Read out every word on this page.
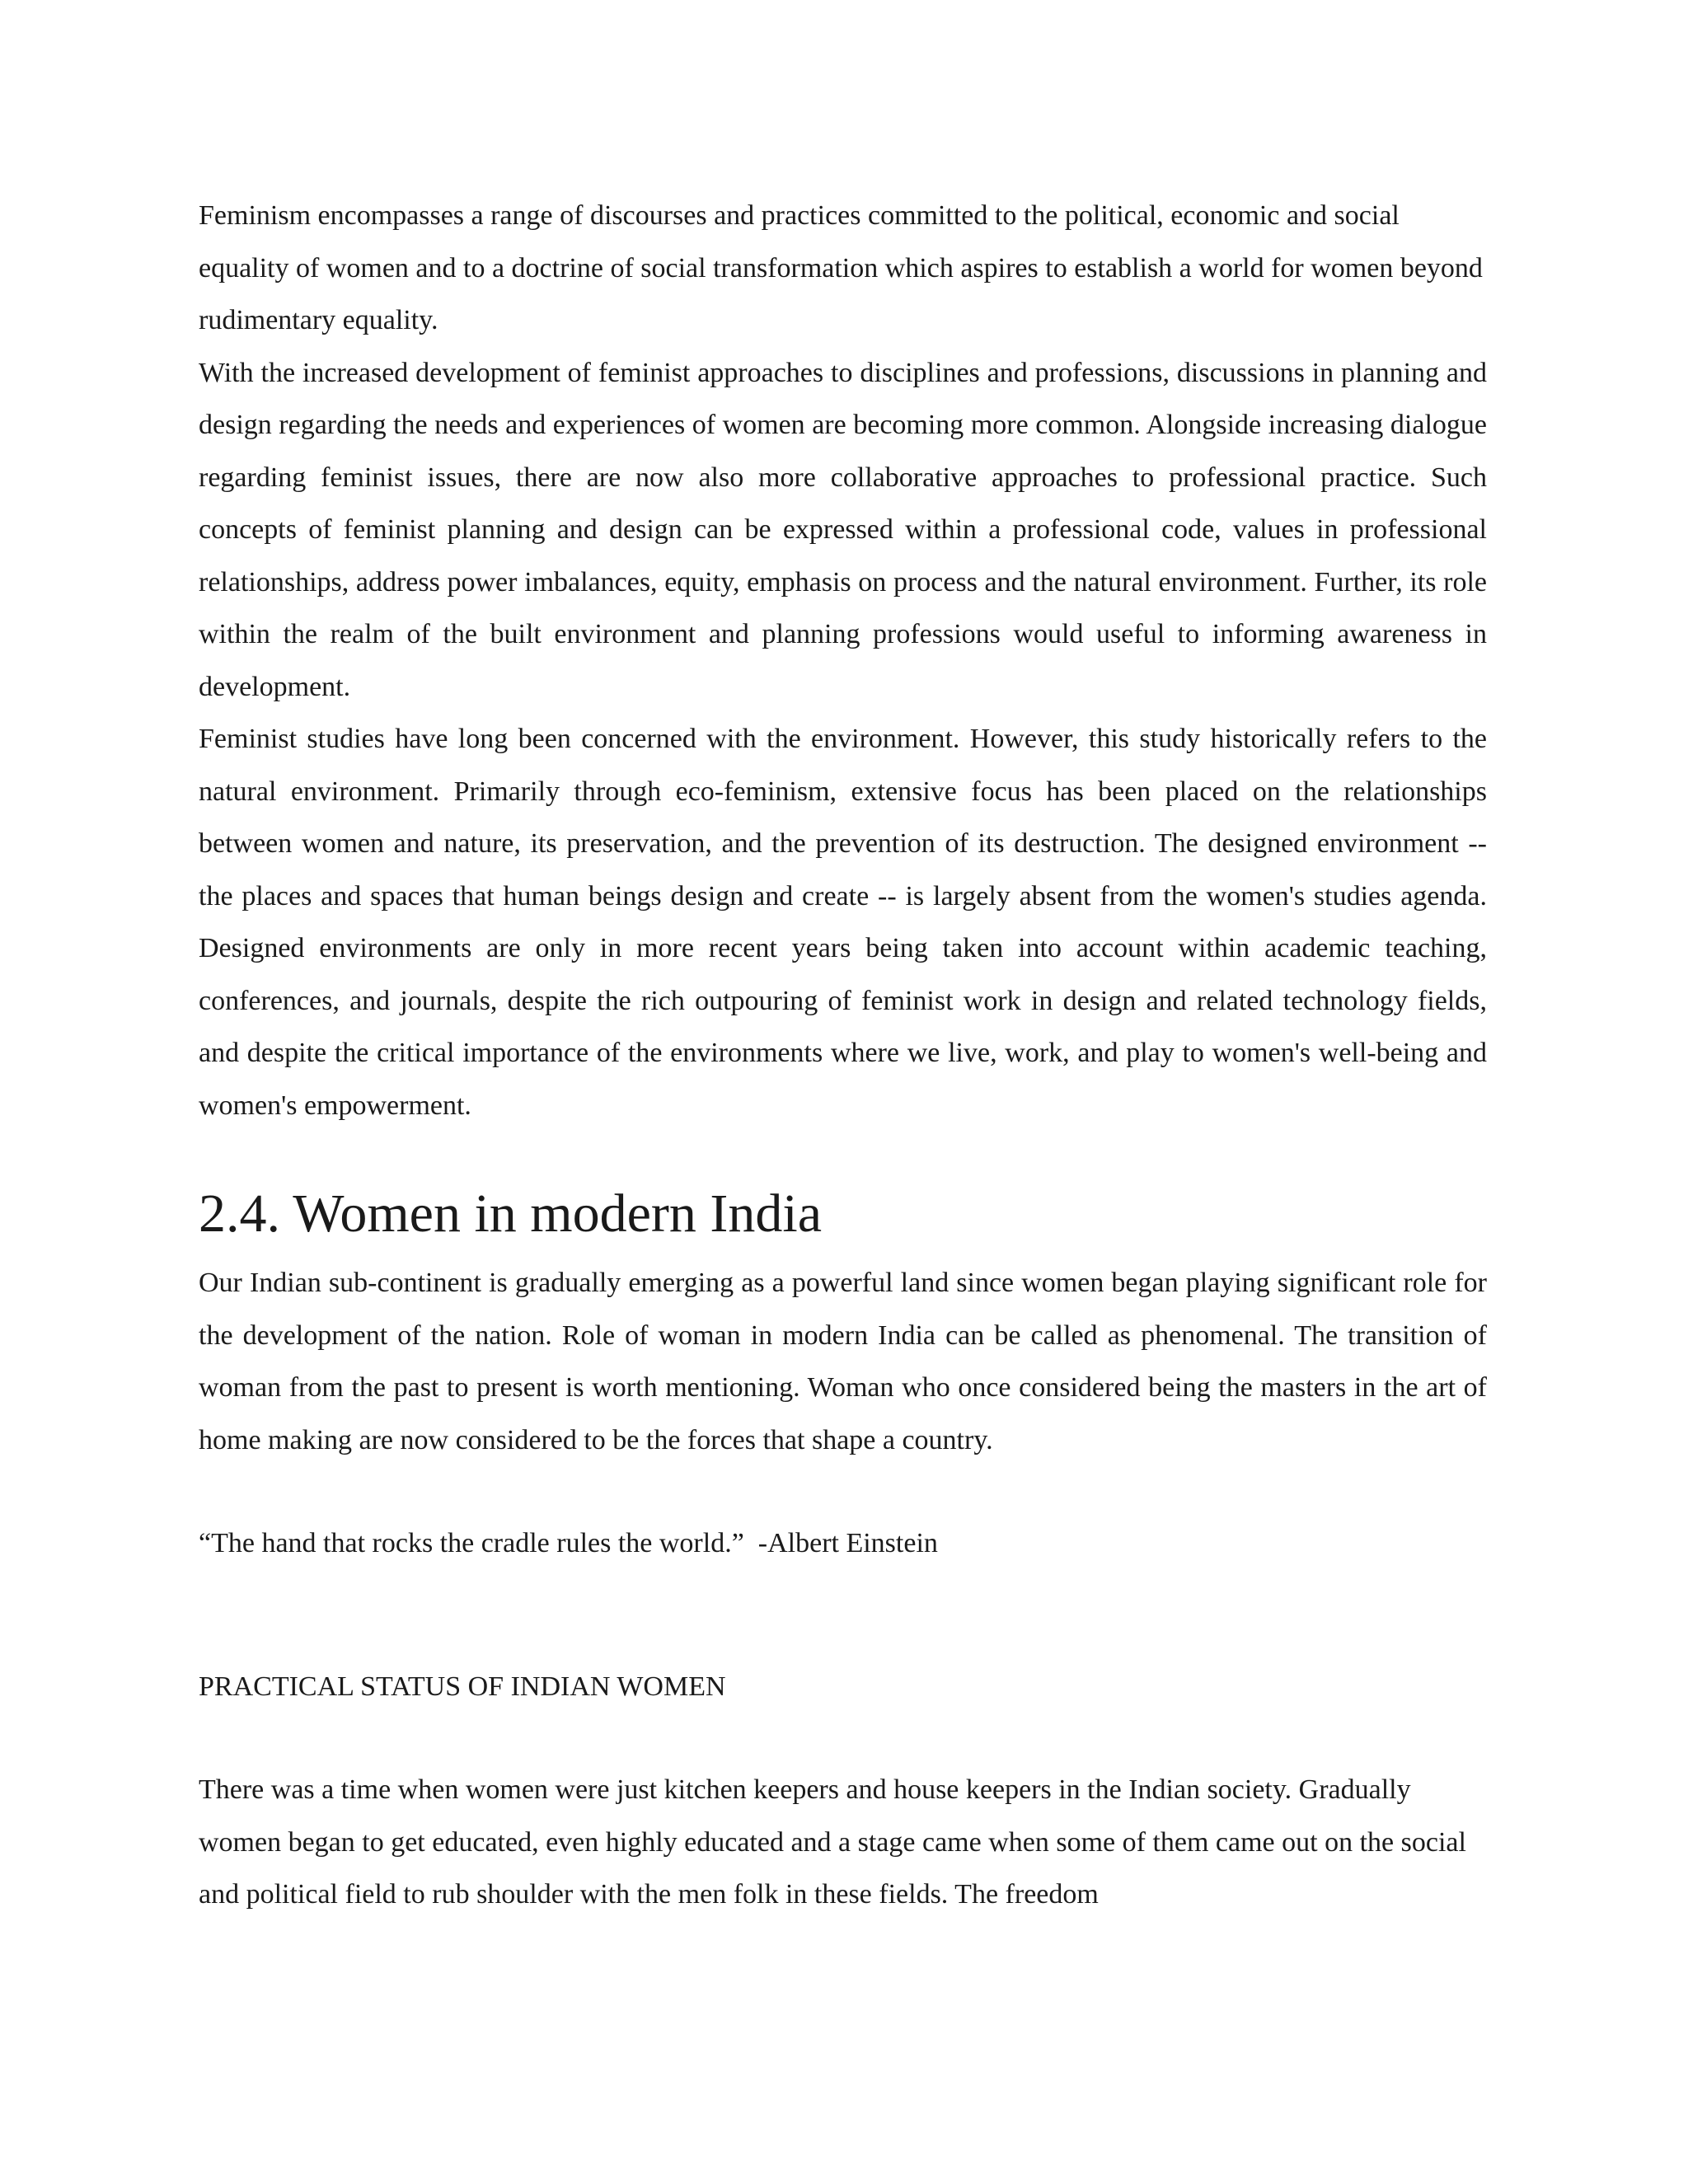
Feminism encompasses a range of discourses and practices committed to the political, economic and social equality of women and to a doctrine of social transformation which aspires to establish a world for women beyond rudimentary equality.

With the increased development of feminist approaches to disciplines and professions, discussions in planning and design regarding the needs and experiences of women are becoming more common. Alongside increasing dialogue regarding feminist issues, there are now also more collaborative approaches to professional practice. Such concepts of feminist planning and design can be expressed within a professional code, values in professional relationships, address power imbalances, equity, emphasis on process and the natural environment. Further, its role within the realm of the built environment and planning professions would useful to informing awareness in development.

Feminist studies have long been concerned with the environment. However, this study historically refers to the natural environment. Primarily through eco-feminism, extensive focus has been placed on the relationships between women and nature, its preservation, and the prevention of its destruction. The designed environment -- the places and spaces that human beings design and create -- is largely absent from the women's studies agenda. Designed environments are only in more recent years being taken into account within academic teaching, conferences, and journals, despite the rich outpouring of feminist work in design and related technology fields, and despite the critical importance of the environments where we live, work, and play to women's well-being and women's empowerment.

2.4. Women in modern India

Our Indian sub-continent is gradually emerging as a powerful land since women began playing significant role for the development of the nation. Role of woman in modern India can be called as phenomenal. The transition of woman from the past to present is worth mentioning. Woman who once considered being the masters in the art of home making are now considered to be the forces that shape a country.

“The hand that rocks the cradle rules the world.”  -Albert Einstein

PRACTICAL STATUS OF INDIAN WOMEN

There was a time when women were just kitchen keepers and house keepers in the Indian society. Gradually women began to get educated, even highly educated and a stage came when some of them came out on the social and political field to rub shoulder with the men folk in these fields. The freedom
